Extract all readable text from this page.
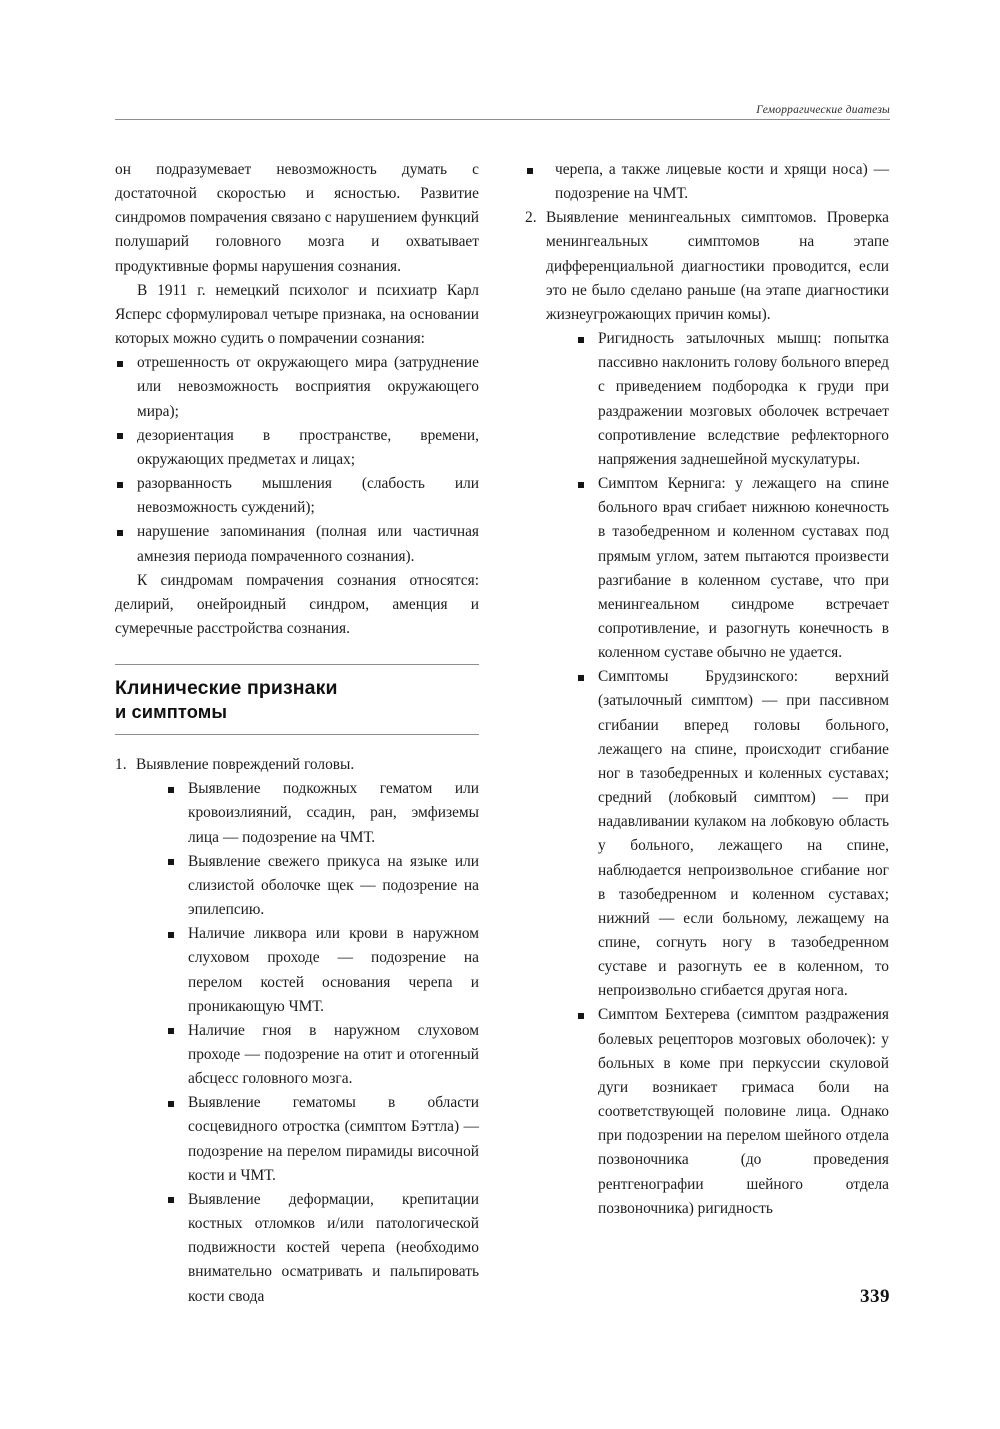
Геморрагические диатезы

он подразумевает невозможность думать с достаточной скоростью и ясностью. Развитие синдромов помрачения связано с нарушением функций полушарий головного мозга и охватывает продуктивные формы нарушения сознания.

В 1911 г. немецкий психолог и психиатр Карл Ясперс сформулировал четыре признака, на основании которых можно судить о помрачении сознания:

отрешенность от окружающего мира (затруднение или невозможность восприятия окружающего мира);
дезориентация в пространстве, времени, окружающих предметах и лицах;
разорванность мышления (слабость или невозможность суждений);
нарушение запоминания (полная или частичная амнезия периода помраченного сознания).

К синдромам помрачения сознания относятся: делирий, онейроидный синдром, аменция и сумеречные расстройства сознания.

Клинические признаки
и симптомы
1. Выявление повреждений головы.
Выявление подкожных гематом или кровоизлияний, ссадин, ран, эмфиземы лица — подозрение на ЧМТ.
Выявление свежего прикуса на языке или слизистой оболочке щек — подозрение на эпилепсию.
Наличие ликвора или крови в наружном слуховом проходе — подозрение на перелом костей основания черепа и проникающую ЧМТ.
Наличие гноя в наружном слуховом проходе — подозрение на отит и отогенный абсцесс головного мозга.
Выявление гематомы в области сосцевидного отростка (симптом Бэттла) — подозрение на перелом пирамиды височной кости и ЧМТ.
Выявление деформации, крепитации костных отломков и/или патологической подвижности костей черепа (необходимо внимательно осматривать и пальпировать кости свода
черепа, а также лицевые кости и хрящи носа) — подозрение на ЧМТ.
2. Выявление менингеальных симптомов. Проверка менингеальных симптомов на этапе дифференциальной диагностики проводится, если это не было сделано раньше (на этапе диагностики жизнеугрожающих причин комы).
Ригидность затылочных мышц: попытка пассивно наклонить голову больного вперед с приведением подбородка к груди при раздражении мозговых оболочек встречает сопротивление вследствие рефлекторного напряжения заднешейной мускулатуры.
Симптом Кернига: у лежащего на спине больного врач сгибает нижнюю конечность в тазобедренном и коленном суставах под прямым углом, затем пытаются произвести разгибание в коленном суставе, что при менингеальном синдроме встречает сопротивление, и разогнуть конечность в коленном суставе обычно не удается.
Симптомы Брудзинского: верхний (затылочный симптом) — при пассивном сгибании вперед головы больного, лежащего на спине, происходит сгибание ног в тазобедренных и коленных суставах; средний (лобковый симптом) — при надавливании кулаком на лобковую область у больного, лежащего на спине, наблюдается непроизвольное сгибание ног в тазобедренном и коленном суставах; нижний — если больному, лежащему на спине, согнуть ногу в тазобедренном суставе и разогнуть ее в коленном, то непроизвольно сгибается другая нога.
Симптом Бехтерева (симптом раздражения болевых рецепторов мозговых оболочек): у больных в коме при перкуссии скуловой дуги возникает гримаса боли на соответствующей половине лица. Однако при подозрении на перелом шейного отдела позвоночника (до проведения рентгенографии шейного отдела позвоночника) ригидность
339
